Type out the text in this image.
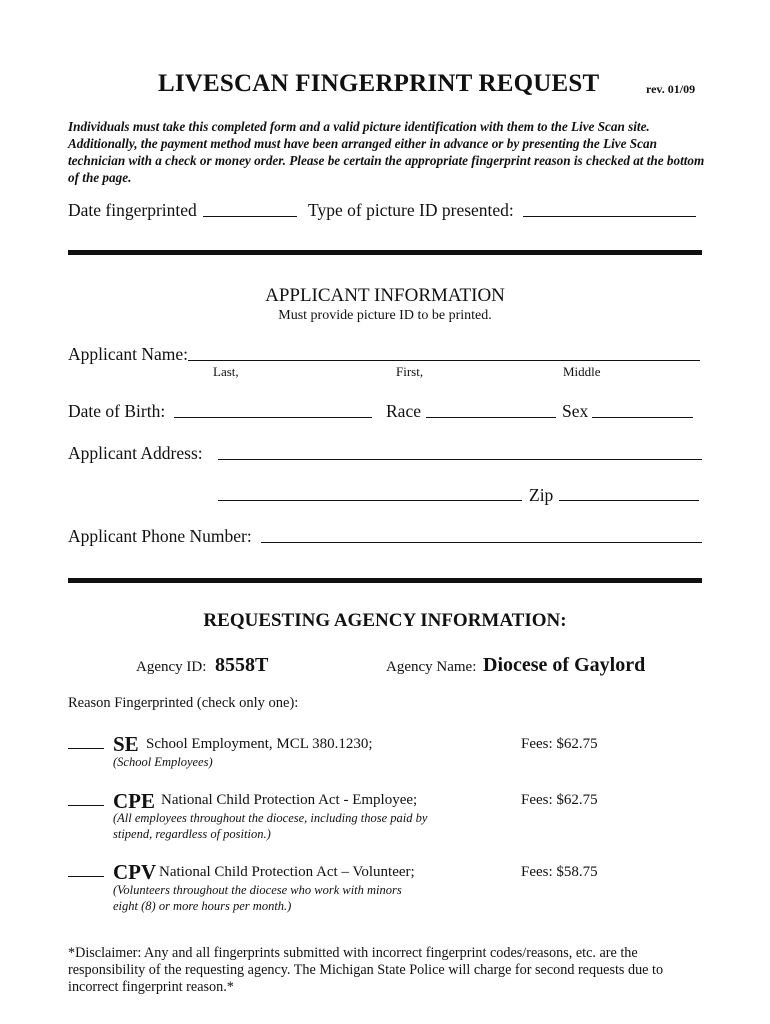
LIVESCAN FINGERPRINT REQUEST	rev. 01/09
Individuals must take this completed form and a valid picture identification with them to the Live Scan site. Additionally, the payment method must have been arranged either in advance or by presenting the Live Scan technician with a check or money order. Please be certain the appropriate fingerprint reason is checked at the bottom of the page.
Date fingerprinted	Type of picture ID presented:
APPLICANT INFORMATION
Must provide picture ID to be printed.
Applicant Name:
Last,	First,	Middle
Date of Birth:	Race	Sex
Applicant Address:
Zip
Applicant Phone Number:
REQUESTING AGENCY INFORMATION:
Agency ID: 8558T	Agency Name: Diocese of Gaylord
Reason Fingerprinted (check only one):
SE School Employment, MCL 380.1230;	Fees: $62.75
(School Employees)
CPE National Child Protection Act - Employee;	Fees: $62.75
(All employees throughout the diocese, including those paid by stipend, regardless of position.)
CPV National Child Protection Act – Volunteer;	Fees: $58.75
(Volunteers throughout the diocese who work with minors eight (8) or more hours per month.)
*Disclaimer: Any and all fingerprints submitted with incorrect fingerprint codes/reasons, etc. are the responsibility of the requesting agency. The Michigan State Police will charge for second requests due to incorrect fingerprint reason.*
